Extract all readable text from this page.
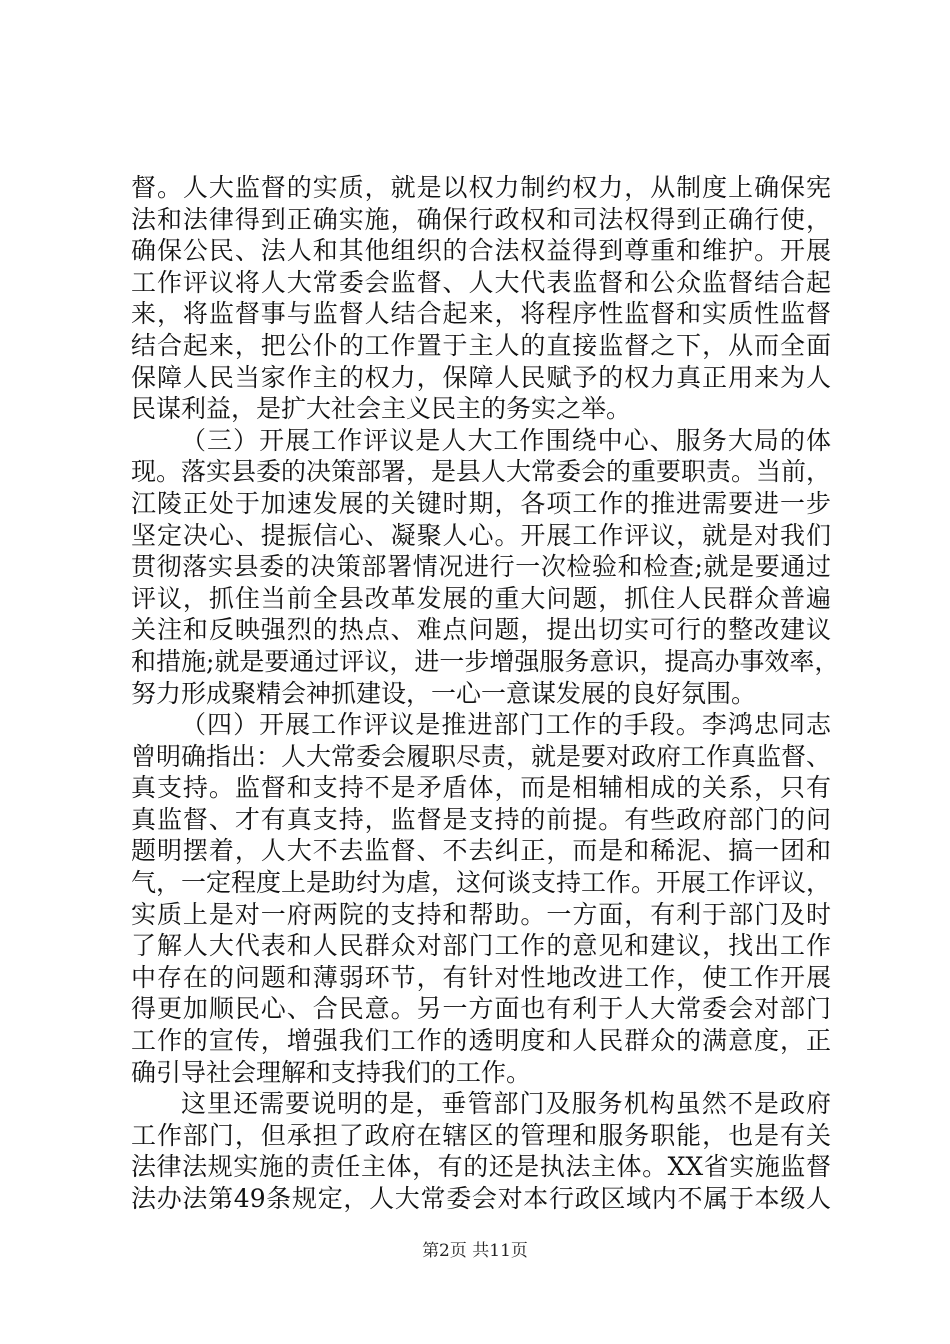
督。人大监督的实质，就是以权力制约权力，从制度上确保宪
法和法律得到正确实施，确保行政权和司法权得到正确行使，
确保公民、法人和其他组织的合法权益得到尊重和维护。开展
工作评议将人大常委会监督、人大代表监督和公众监督结合起
来，将监督事与监督人结合起来，将程序性监督和实质性监督
结合起来，把公仆的工作置于主人的直接监督之下，从而全面
保障人民当家作主的权力，保障人民赋予的权力真正用来为人
民谋利益，是扩大社会主义民主的务实之举。
（三）开展工作评议是人大工作围绕中心、服务大局的体
现。落实县委的决策部署，是县人大常委会的重要职责。当前，
江陵正处于加速发展的关键时期，各项工作的推进需要进一步
坚定决心、提振信心、凝聚人心。开展工作评议，就是对我们
贯彻落实县委的决策部署情况进行一次检验和检查;就是要通过
评议，抓住当前全县改革发展的重大问题，抓住人民群众普遍
关注和反映强烈的热点、难点问题，提出切实可行的整改建议
和措施;就是要通过评议，进一步增强服务意识，提高办事效率，
努力形成聚精会神抓建设，一心一意谋发展的良好氛围。
（四）开展工作评议是推进部门工作的手段。李鸿忠同志
曾明确指出：人大常委会履职尽责，就是要对政府工作真监督、
真支持。监督和支持不是矛盾体，而是相辅相成的关系，只有
真监督、才有真支持，监督是支持的前提。有些政府部门的问
题明摆着，人大不去监督、不去纠正，而是和稀泥、搞一团和
气，一定程度上是助纣为虐，这何谈支持工作。开展工作评议，
实质上是对一府两院的支持和帮助。一方面，有利于部门及时
了解人大代表和人民群众对部门工作的意见和建议，找出工作
中存在的问题和薄弱环节，有针对性地改进工作，使工作开展
得更加顺民心、合民意。另一方面也有利于人大常委会对部门
工作的宣传，增强我们工作的透明度和人民群众的满意度，正
确引导社会理解和支持我们的工作。
这里还需要说明的是，垂管部门及服务机构虽然不是政府
工作部门，但承担了政府在辖区的管理和服务职能，也是有关
法律法规实施的责任主体，有的还是执法主体。XX省实施监督
法办法第49条规定，人大常委会对本行政区域内不属于本级人
第2页 共11页
